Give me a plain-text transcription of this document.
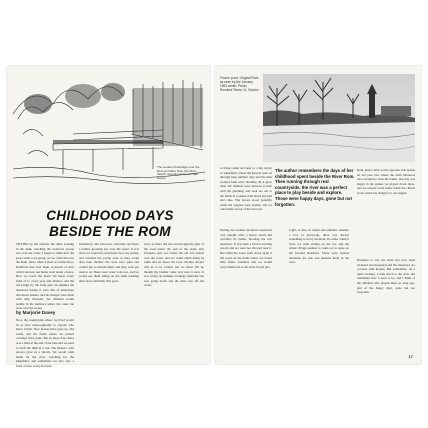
The wooden footbridge over the Rom at Collier Row, Romford. Sketch reproduced by Leonard Davey.
CHILDHOOD DAYS
BESIDE THE ROM
SITTING by the window the other evening in the dusk, watching the swallows swoop low over the water, I began to think how the years seem to be going, as I so often did over the Rom. Once when I lived at Collier Row, Romford, that river Rom. A stretch of river which ran near our home went under a fence. How we loved the Rom! We knew every bend of it, every pool and shallow, and the old bridge by the farm gate. In summer the meadows beside it were full of buttercups and moon daisies, and the hedges were thick with may blossom. We children would paddle in the shallows where the water ran clear over the stones.
by Marjorie Davey
Now, the countryside where we lived would be at once unrecognisable to anyone who knew it then. New houses have gone up, and roads, and the fields where we picked cowslips have gone. But in those days there was a farm at the end of the lane and we used to fetch the milk in a can. The farmer's wife always gave us a biscuit. We would walk home by the river, watching for the kingfisher, and sometimes we saw one, a flash of blue along the bank.
blackberry, and wild rose, with here and there a willow growing low over the water. It was there we found the moorhens' nest one spring, and watched the young ones as they swam after their mother. We were very quiet and careful not to disturb them, and they soon got used to us. There were water voles too, and we would see them sitting on the bank washing their faces with their tiny paws.
river, so there did not run through the gaps of the road under the end of the pond. Our favourite spot was where the old tree leaned over the water, and we could climb along its trunk and sit above the river. Mother always told us to be careful, but we never fell in, though my brother came very near it once. It was lovely on summer evenings when the sun was going down and the mist rose off the water.
Frozen pond. Original Rom: as seen by the January 1963 winter. Photo: Romford Times / A. Gordon.
The author remembers the days of her childhood spent beside the River Rom. Then running through real countryside, the river was a perfect place to play beside and explore. Those were happy days, gone but not forgotten.
to bring round and near to a big barley or wheatfield, where the harvest went on through long summer days and the men worked from early morning till it grew dark. We children were allowed to help with the gleaning, and took tea out to the fields in a basket with bread and jam and cake. The horses stood patiently while the wagons were loaded, and we rode home on top of the last load.
During wet weather the Rom would rise very quickly after a heavy storm and overflow its banks, flooding the low meadows. It was then a brown swirling torrent and we were not allowed near it. But when the water went down again it left pools in the fields where we found little fishes stranded, and we would carry them back to the river in jam jars.
Light, or fine, in winter and summer, whether a boy or grown-up, there was always something to do by the Rom. In winter when it froze we went sliding on the ice, and the whole village seemed to come out to skate on the flooded meadows. There were roasted chestnuts for sale and lanterns hung in the trees.
Rom, glad I dally on the opposite side beside an old pear tree where the farm labourers once worked to clear the banks. Our day was happy in the games we played down there, and we always raced home when the church clock struck six, hungry for our supper.
Needless to say, the Rom has now been widened and deepened and the meadows are covered with houses. But sometimes, on a quiet evening, I walk down to the river and remember how it used to be, and I think of the children who played there so long ago, and of the happy days, gone but not forgotten.
17
